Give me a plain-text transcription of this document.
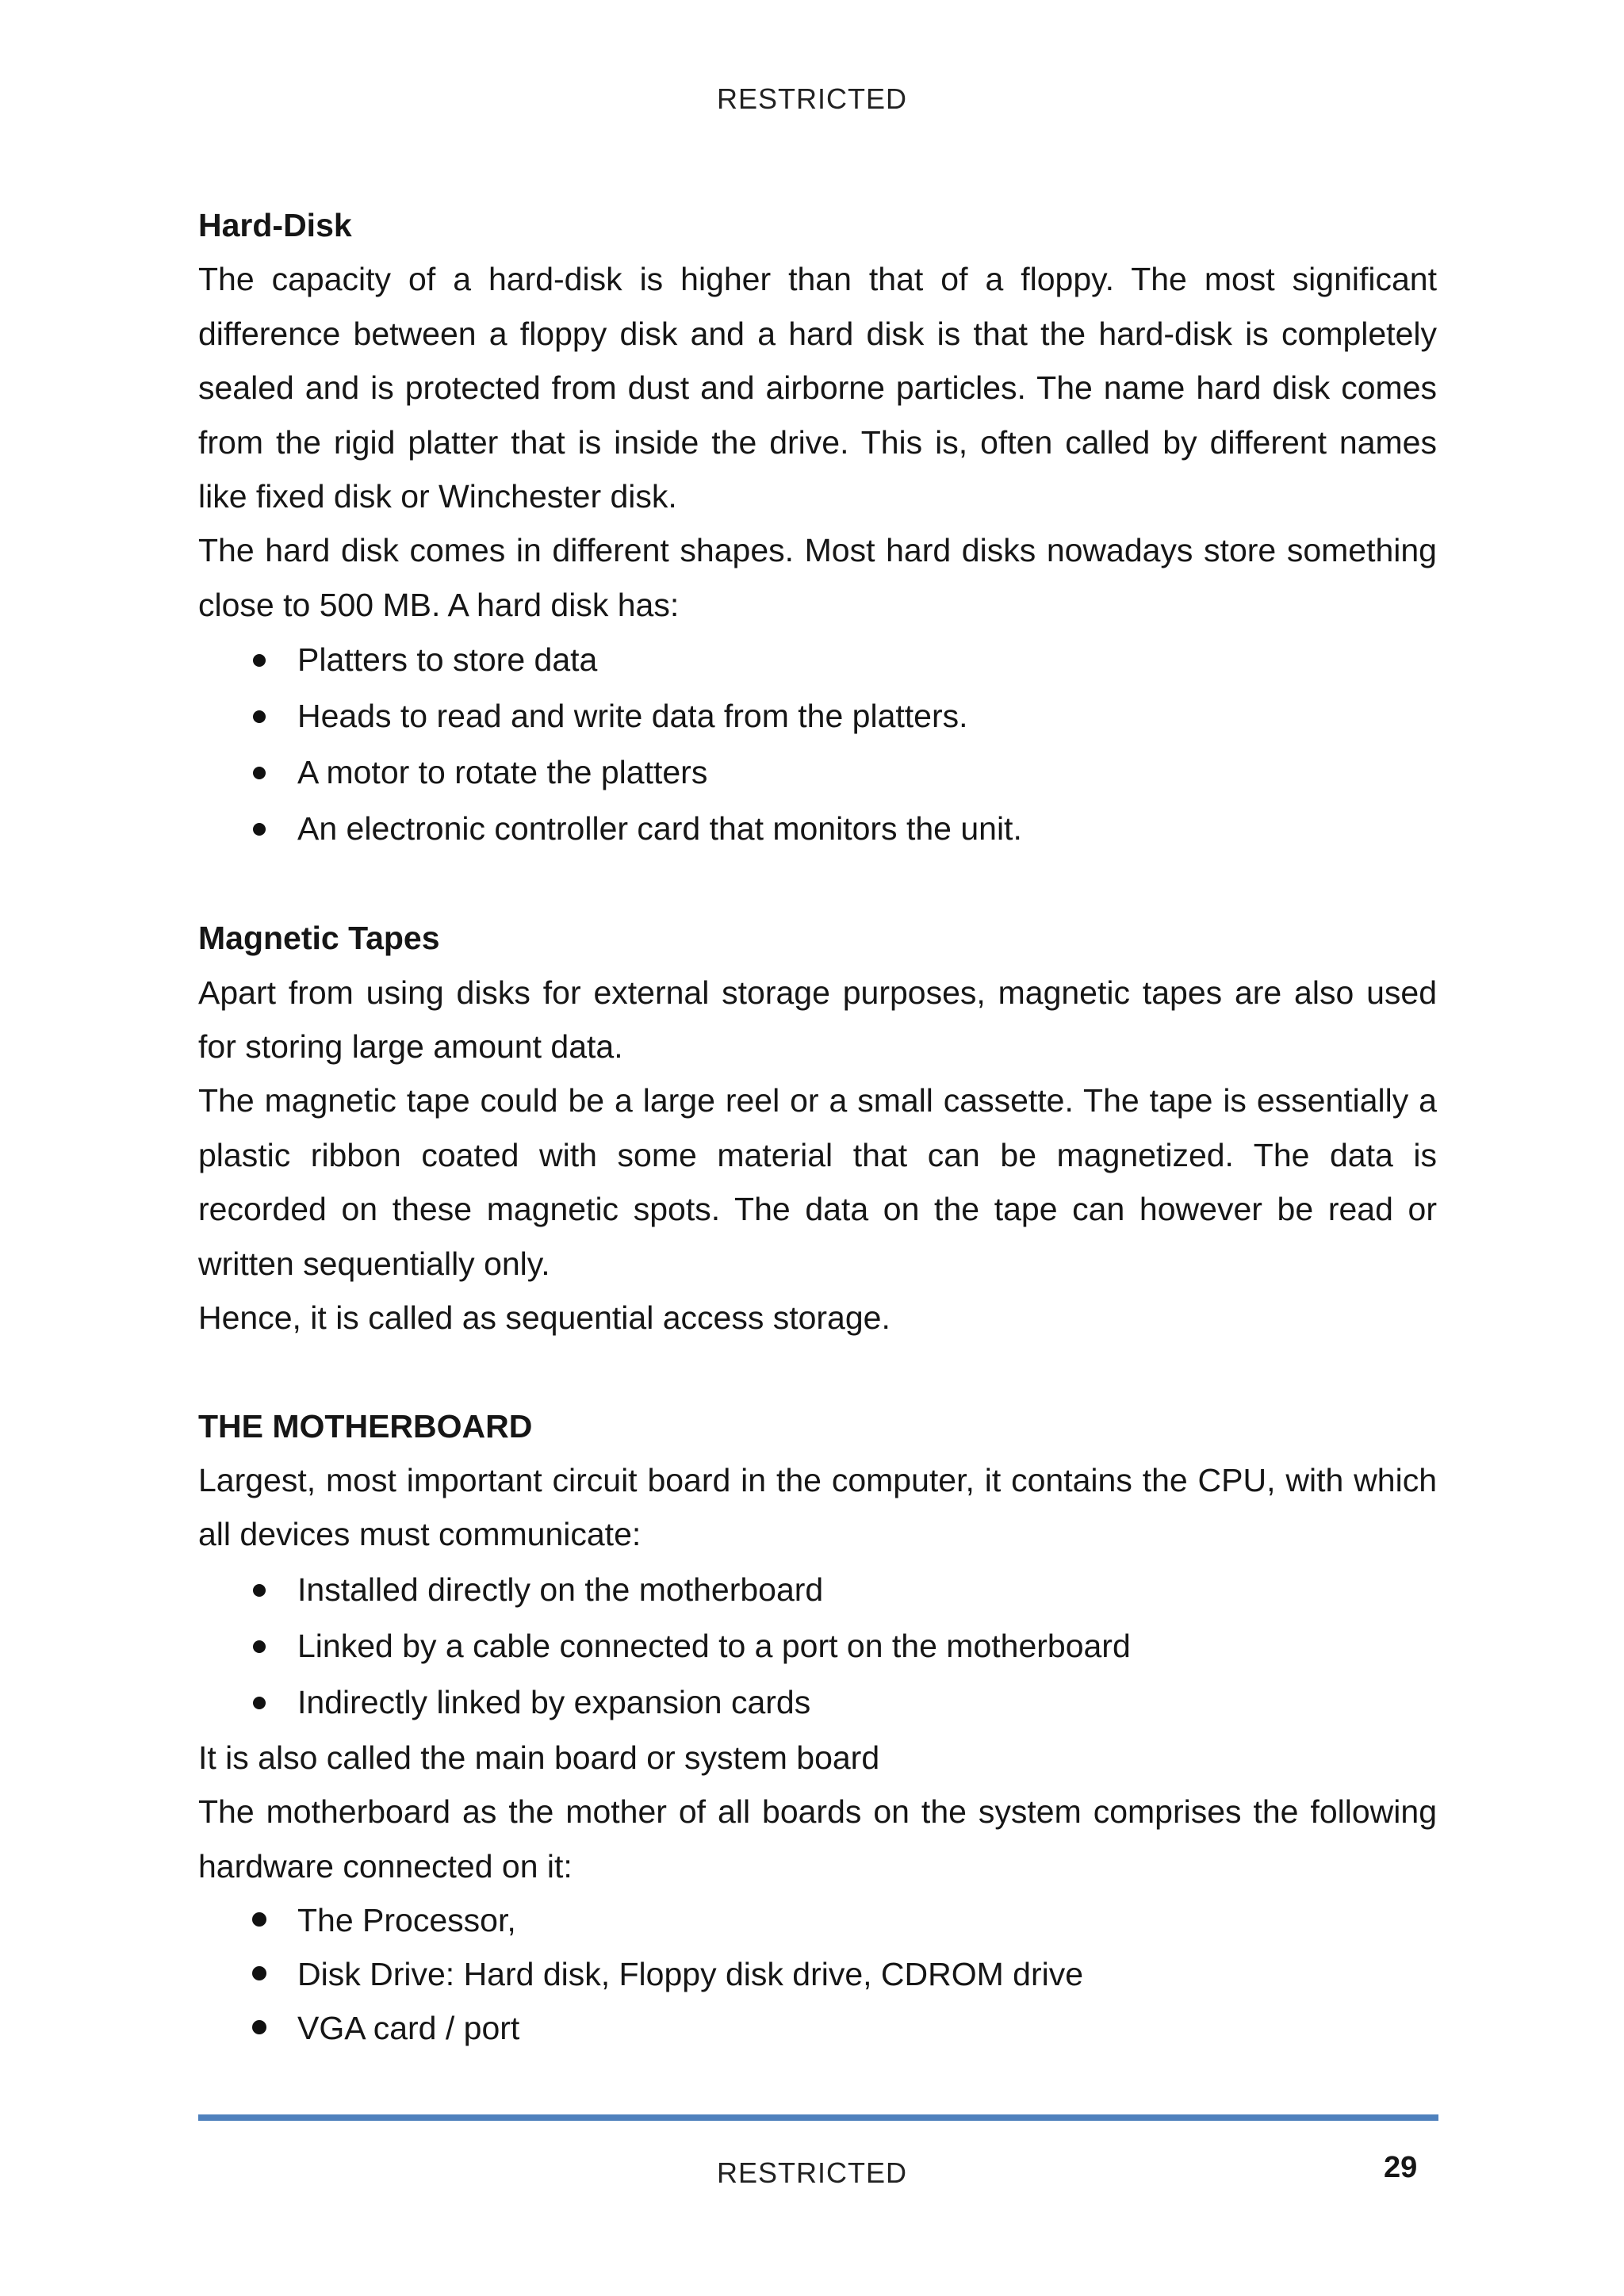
RESTRICTED
Hard-Disk

The capacity of a hard-disk is higher than that of a floppy. The most significant difference between a floppy disk and a hard disk is that the hard-disk is completely sealed and is protected from dust and airborne particles. The name hard disk comes from the rigid platter that is inside the drive. This is, often called by different names like fixed disk or Winchester disk.

The hard disk comes in different shapes. Most hard disks nowadays store something close to 500 MB. A hard disk has:

Platters to store data
Heads to read and write data from the platters.
A motor to rotate the platters
An electronic controller card that monitors the unit.
Magnetic Tapes

Apart from using disks for external storage purposes, magnetic tapes are also used for storing large amount data.

The magnetic tape could be a large reel or a small cassette. The tape is essentially a plastic ribbon coated with some material that can be magnetized. The data is recorded on these magnetic spots. The data on the tape can however be read or written sequentially only.

Hence, it is called as sequential access storage.

THE MOTHERBOARD

Largest, most important circuit board in the computer, it contains the CPU, with which all devices must communicate:

Installed directly on the motherboard
Linked by a cable connected to a port on the motherboard
Indirectly linked by expansion cards

It is also called the main board or system board

The motherboard as the mother of all boards on the system comprises the following hardware connected on it:

The Processor,
Disk Drive: Hard disk, Floppy disk drive, CDROM drive
VGA card / port
RESTRICTED	29
